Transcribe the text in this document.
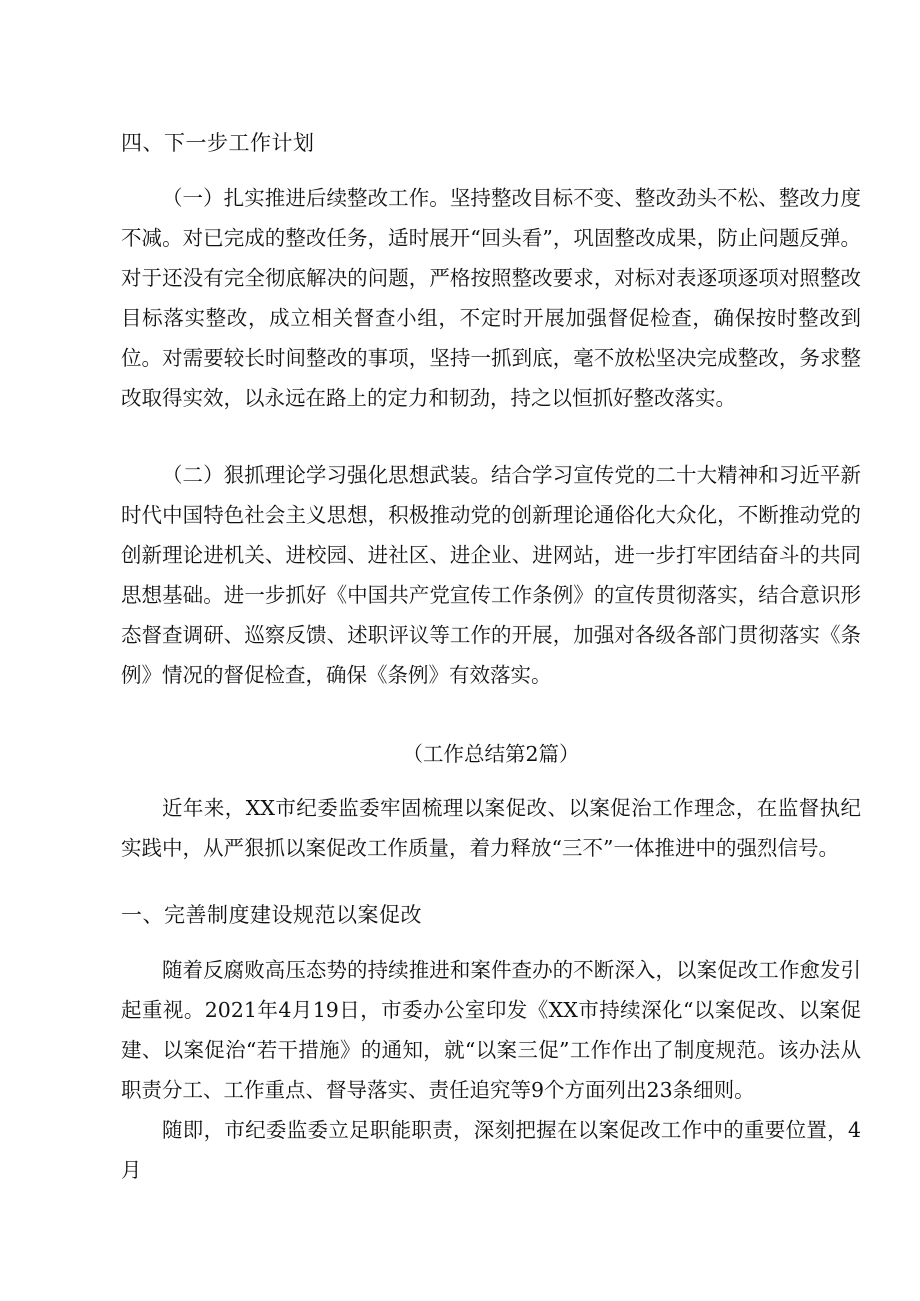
四、下一步工作计划

（一）扎实推进后续整改工作。坚持整改目标不变、整改劲头不松、整改力度不减。对已完成的整改任务，适时展开“回头看”，巩固整改成果，防止问题反弹。对于还没有完全彻底解决的问题，严格按照整改要求，对标对表逐项逐项对照整改目标落实整改，成立相关督查小组，不定时开展加强督促检查，确保按时整改到位。对需要较长时间整改的事项，坚持一抓到底，毫不放松坚决完成整改，务求整改取得实效，以永远在路上的定力和韧劲，持之以恒抓好整改落实。

（二）狠抓理论学习强化思想武装。结合学习宣传党的二十大精神和习近平新时代中国特色社会主义思想，积极推动党的创新理论通俗化大众化，不断推动党的创新理论进机关、进校园、进社区、进企业、进网站，进一步打牢团结奋斗的共同思想基础。进一步抓好《中国共产党宣传工作条例》的宣传贯彻落实，结合意识形态督查调研、巡察反馈、述职评议等工作的开展，加强对各级各部门贯彻落实《条例》情况的督促检查，确保《条例》有效落实。

（工作总结第2篇）

近年来，XX市纪委监委牢固梳理以案促改、以案促治工作理念，在监督执纪实践中，从严狠抓以案促改工作质量，着力释放“三不”一体推进中的强烈信号。

一、完善制度建设规范以案促改

随着反腐败高压态势的持续推进和案件查办的不断深入，以案促改工作愈发引起重视。2021年4月19日，市委办公室印发《XX市持续深化“以案促改、以案促建、以案促治“若干措施》的通知，就“以案三促”工作作出了制度规范。该办法从职责分工、工作重点、督导落实、责任追究等9个方面列出23条细则。

随即，市纪委监委立足职能职责，深刻把握在以案促改工作中的重要位置，4月
